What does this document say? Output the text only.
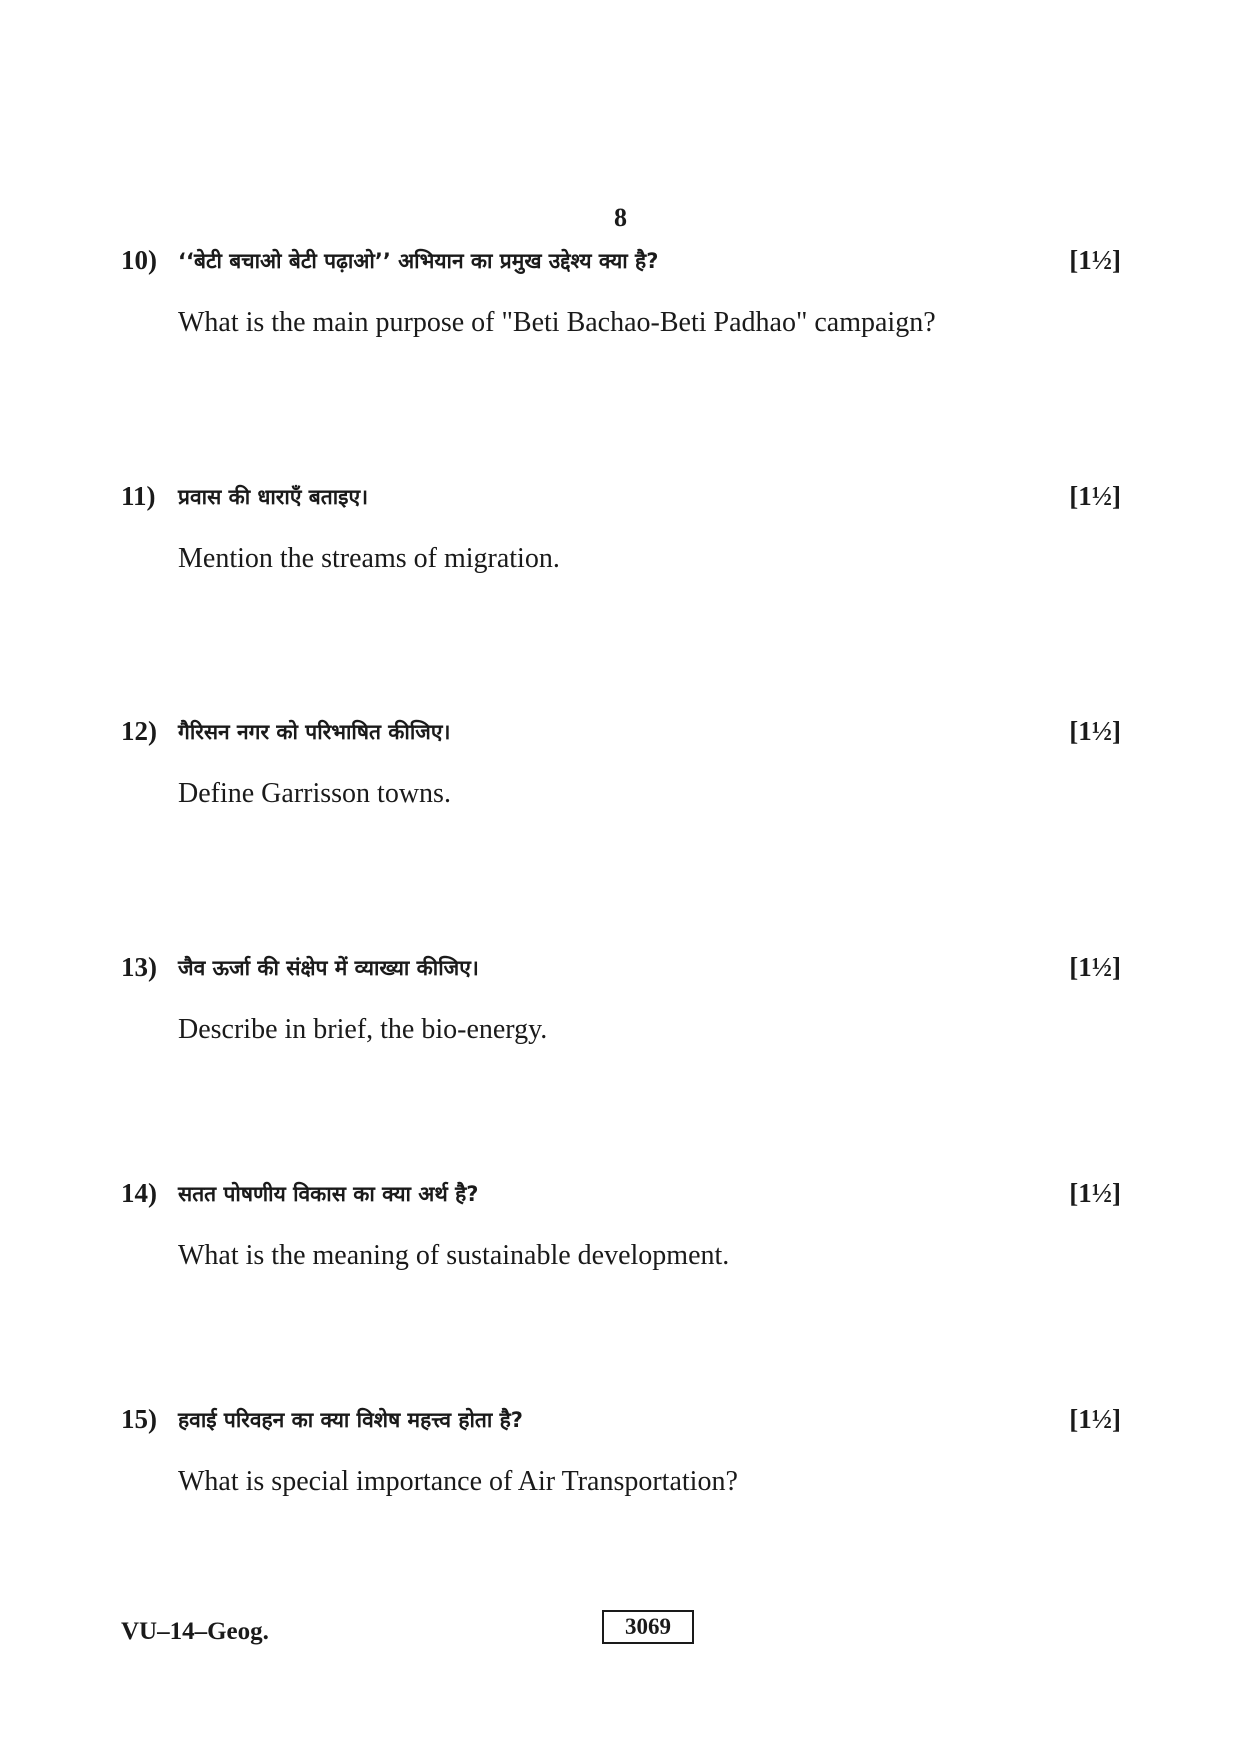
8
10) ‘‘बेटी बचाओ बेटी पढ़ाओ’’ अभियान का प्रमुख उद्देश्य क्या है?	[1½]
What is the main purpose of "Beti Bachao-Beti Padhao" campaign?
11) प्रवास की धाराएँ बताइए।	[1½]
Mention the streams of migration.
12) गैरिसन नगर को परिभाषित कीजिए।	[1½]
Define Garrisson towns.
13) जैव ऊर्जा की संक्षेप में व्याख्या कीजिए।	[1½]
Describe in brief, the bio-energy.
14) सतत पोषणीय विकास का क्या अर्थ है?	[1½]
What is the meaning of sustainable development.
15) हवाई परिवहन का क्या विशेष महत्त्व होता है?	[1½]
What is special importance of Air Transportation?
VU–14–Geog.	3069
